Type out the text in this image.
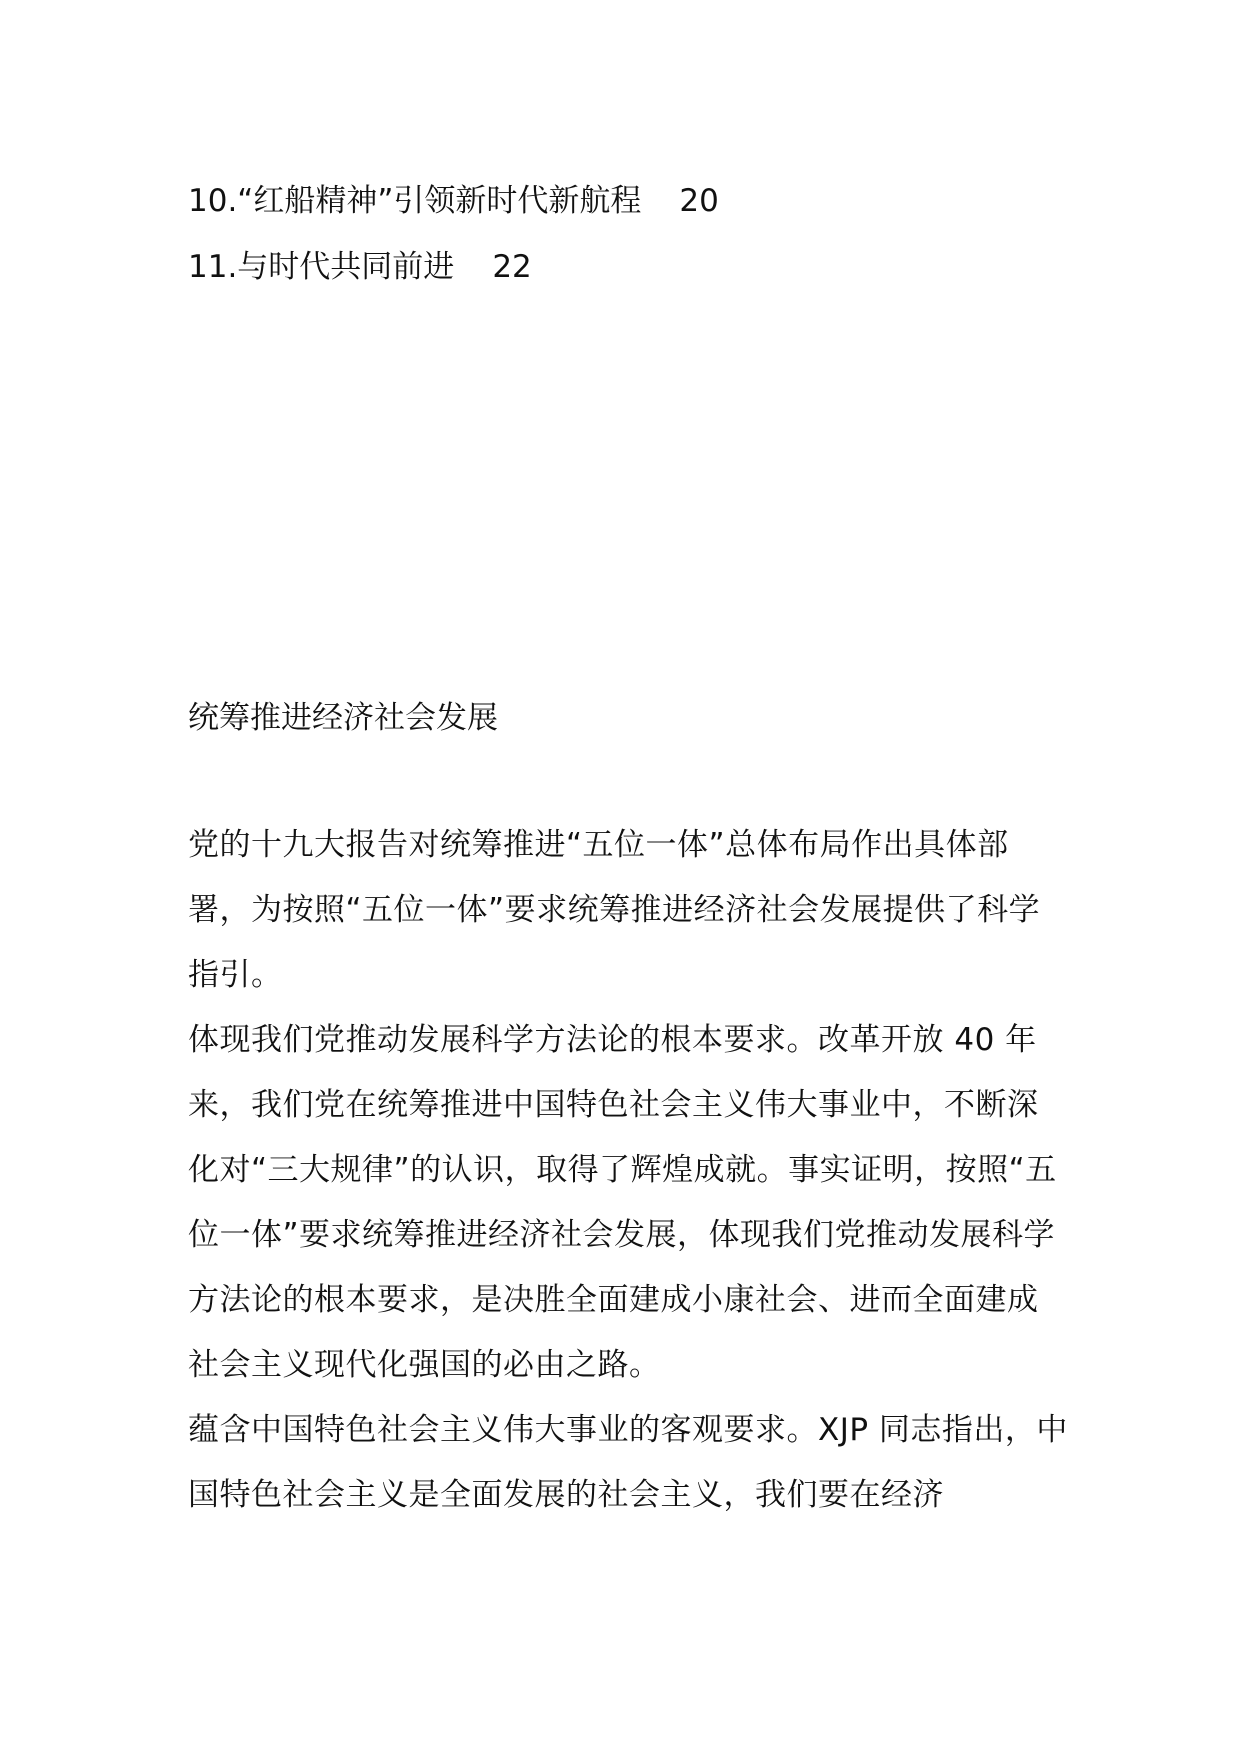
10.“红船精神”引领新时代新航程 20
11.与时代共同前进 22
统筹推进经济社会发展

党的十九大报告对统筹推进“五位一体”总体布局作出具体部署，为按照“五位一体”要求统筹推进经济社会发展提供了科学指引。

体现我们党推动发展科学方法论的根本要求。改革开放 40 年来，我们党在统筹推进中国特色社会主义伟大事业中，不断深化对“三大规律”的认识，取得了辉煌成就。事实证明，按照“五位一体”要求统筹推进经济社会发展，体现我们党推动发展科学方法论的根本要求，是决胜全面建成小康社会、进而全面建成社会主义现代化强国的必由之路。

蕴含中国特色社会主义伟大事业的客观要求。XJP 同志指出，中国特色社会主义是全面发展的社会主义，我们要在经济
